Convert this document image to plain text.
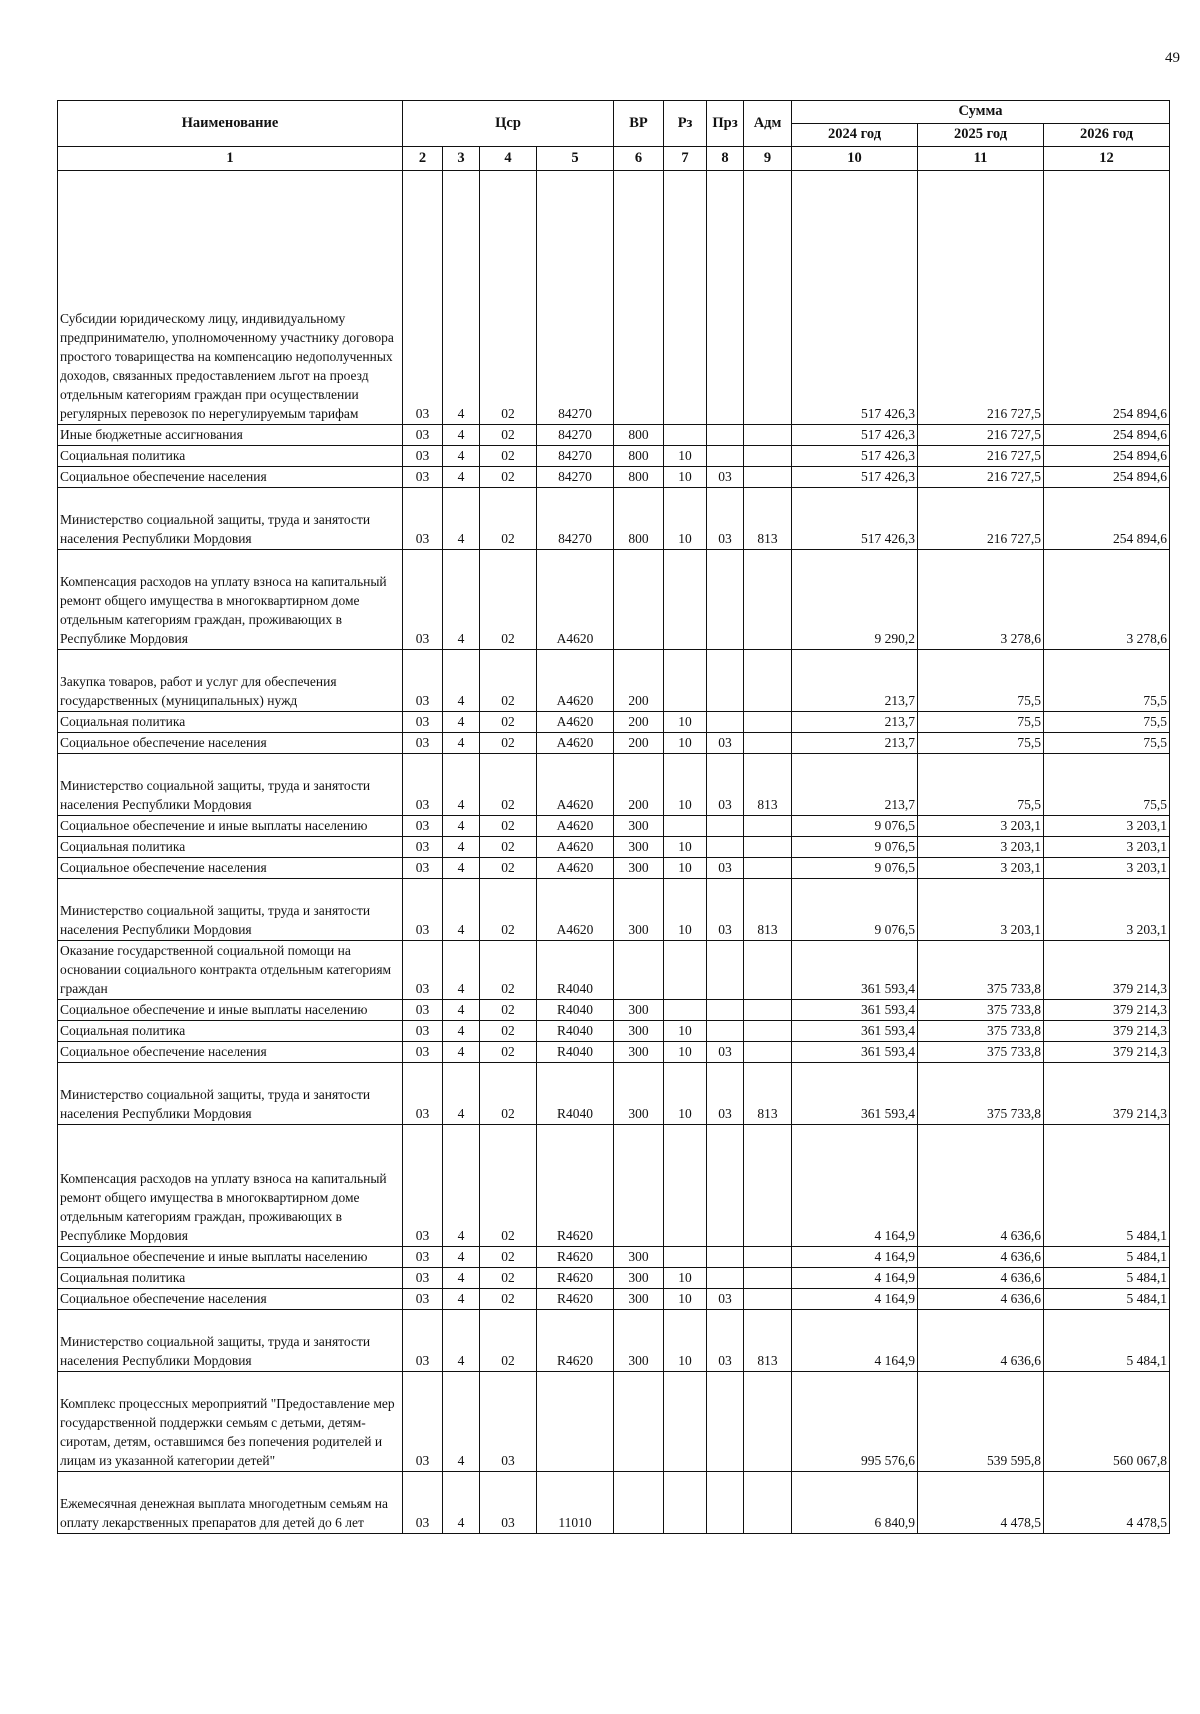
49
Наименование	Цср				ВР	Рз	Прз	Адм	Сумма		
									2024 год	2025 год	2026 год
1	2	3	4	5	6	7	8	9	10	11	12
Субсидии юридическому лицу, индивидуальному предпринимателю, уполномоченному участнику договора простого товарищества на компенсацию недополученных доходов, связанных предоставлением льгот на проезд отдельным категориям граждан при осуществлении регулярных перевозок по нерегулируемым тарифам	03	4	02	84270					517 426,3	216 727,5	254 894,6
Иные бюджетные ассигнования	03	4	02	84270	800				517 426,3	216 727,5	254 894,6
Социальная политика	03	4	02	84270	800	10			517 426,3	216 727,5	254 894,6
Социальное обеспечение населения	03	4	02	84270	800	10	03		517 426,3	216 727,5	254 894,6
Министерство социальной защиты, труда и занятости населения Республики Мордовия	03	4	02	84270	800	10	03	813	517 426,3	216 727,5	254 894,6
Компенсация расходов на уплату взноса на капитальный ремонт общего имущества в многоквартирном доме отдельным категориям граждан, проживающих в Республике Мордовия	03	4	02	А4620					9 290,2	3 278,6	3 278,6
Закупка товаров, работ и услуг для обеспечения государственных (муниципальных) нужд	03	4	02	А4620	200				213,7	75,5	75,5
Социальная политика	03	4	02	А4620	200	10			213,7	75,5	75,5
Социальное обеспечение населения	03	4	02	А4620	200	10	03		213,7	75,5	75,5
Министерство социальной защиты, труда и занятости населения Республики Мордовия	03	4	02	А4620	200	10	03	813	213,7	75,5	75,5
Социальное обеспечение и иные выплаты населению	03	4	02	А4620	300				9 076,5	3 203,1	3 203,1
Социальная политика	03	4	02	А4620	300	10			9 076,5	3 203,1	3 203,1
Социальное обеспечение населения	03	4	02	А4620	300	10	03		9 076,5	3 203,1	3 203,1
Министерство социальной защиты, труда и занятости населения Республики Мордовия	03	4	02	А4620	300	10	03	813	9 076,5	3 203,1	3 203,1
Оказание государственной социальной помощи на основании социального контракта отдельным категориям граждан	03	4	02	R4040					361 593,4	375 733,8	379 214,3
Социальное обеспечение и иные выплаты населению	03	4	02	R4040	300				361 593,4	375 733,8	379 214,3
Социальная политика	03	4	02	R4040	300	10			361 593,4	375 733,8	379 214,3
Социальное обеспечение населения	03	4	02	R4040	300	10	03		361 593,4	375 733,8	379 214,3
Министерство социальной защиты, труда и занятости населения Республики Мордовия	03	4	02	R4040	300	10	03	813	361 593,4	375 733,8	379 214,3
Компенсация расходов на уплату взноса на капитальный ремонт общего имущества в многоквартирном доме отдельным категориям граждан, проживающих в Республике Мордовия	03	4	02	R4620					4 164,9	4 636,6	5 484,1
Социальное обеспечение и иные выплаты населению	03	4	02	R4620	300				4 164,9	4 636,6	5 484,1
Социальная политика	03	4	02	R4620	300	10			4 164,9	4 636,6	5 484,1
Социальное обеспечение населения	03	4	02	R4620	300	10	03		4 164,9	4 636,6	5 484,1
Министерство социальной защиты, труда и занятости населения Республики Мордовия	03	4	02	R4620	300	10	03	813	4 164,9	4 636,6	5 484,1
Комплекс процессных мероприятий "Предоставление мер государственной поддержки семьям с детьми, детям-сиротам, детям, оставшимся без попечения родителей и лицам из указанной категории детей"	03	4	03						995 576,6	539 595,8	560 067,8
Ежемесячная денежная выплата многодетным семьям на оплату лекарственных препаратов для детей до 6 лет	03	4	03	11010					6 840,9	4 478,5	4 478,5
